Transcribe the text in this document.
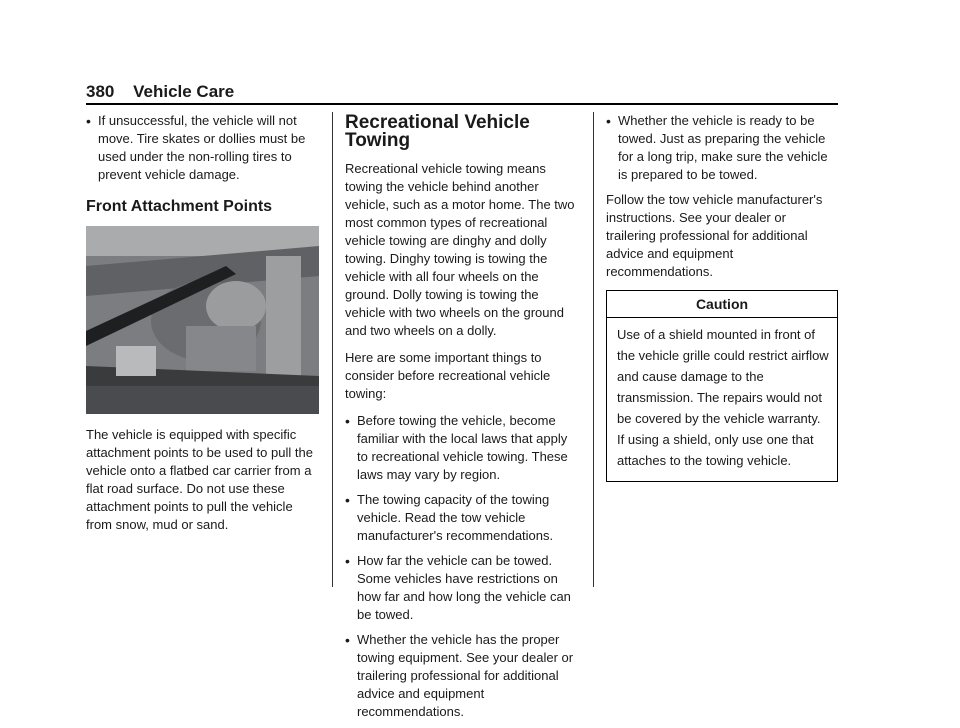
380 Vehicle Care
• If unsuccessful, the vehicle will not move. Tire skates or dollies must be used under the non-rolling tires to prevent vehicle damage.
Front Attachment Points

The vehicle is equipped with specific attachment points to be used to pull the vehicle onto a flatbed car carrier from a flat road surface. Do not use these attachment points to pull the vehicle from snow, mud or sand.

Recreational Vehicle Towing

Recreational vehicle towing means towing the vehicle behind another vehicle, such as a motor home. The two most common types of recreational vehicle towing are dinghy and dolly towing. Dinghy towing is towing the vehicle with all four wheels on the ground. Dolly towing is towing the vehicle with two wheels on the ground and two wheels on a dolly.

Here are some important things to consider before recreational vehicle towing:

• Before towing the vehicle, become familiar with the local laws that apply to recreational vehicle towing. These laws may vary by region.
• The towing capacity of the towing vehicle. Read the tow vehicle manufacturer's recommendations.
• How far the vehicle can be towed. Some vehicles have restrictions on how far and how long the vehicle can be towed.
• Whether the vehicle has the proper towing equipment. See your dealer or trailering professional for additional advice and equipment recommendations.
• Whether the vehicle is ready to be towed. Just as preparing the vehicle for a long trip, make sure the vehicle is prepared to be towed.

Follow the tow vehicle manufacturer's instructions. See your dealer or trailering professional for additional advice and equipment recommendations.

Caution
Use of a shield mounted in front of the vehicle grille could restrict airflow and cause damage to the transmission. The repairs would not be covered by the vehicle warranty. If using a shield, only use one that attaches to the towing vehicle.
